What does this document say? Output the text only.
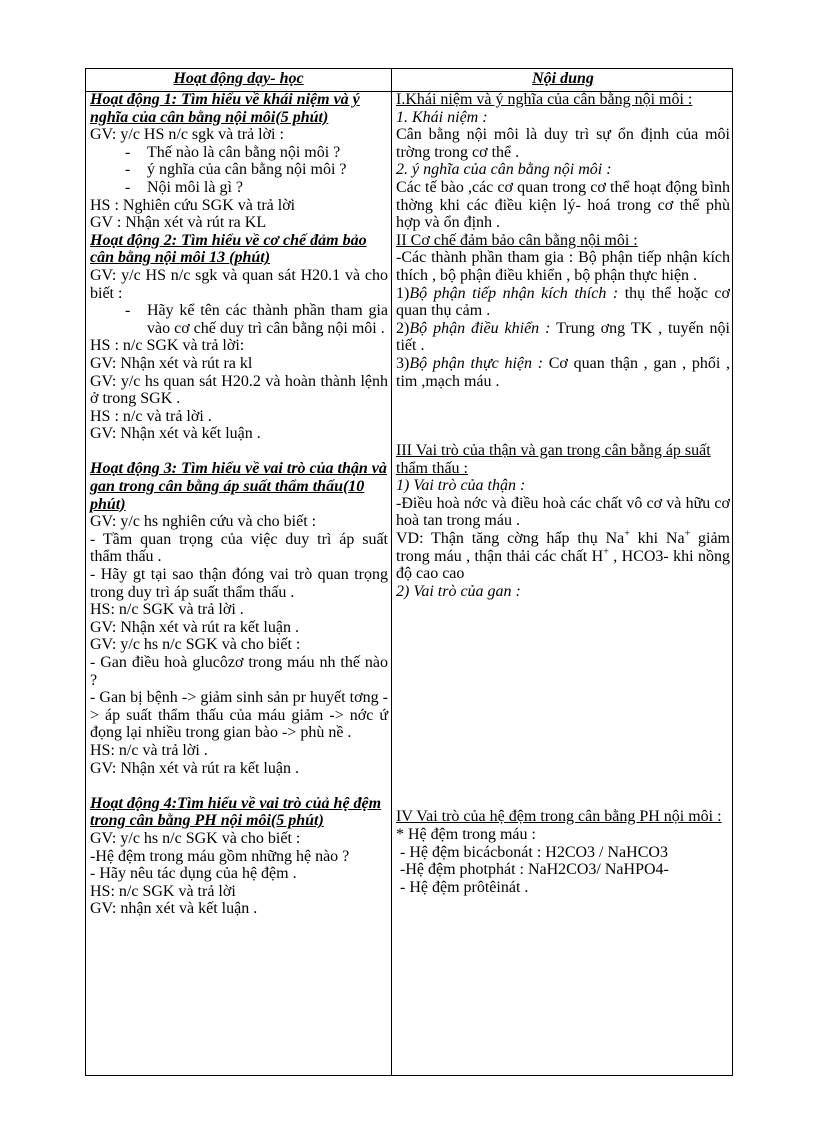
Hoạt động dạy- học	Nội dung

Hoạt động 1: Tìm hiểu về khái niệm và ý nghĩa của cân bằng nội môi(5 phút)

GV: y/c HS n/c sgk và trả lời :

- Thế nào là cân bằng nội môi ?

- ý nghĩa của cân bằng nội môi ?

- Nội môi là gì ?

HS : Nghiên cứu SGK và trả lời

GV : Nhận xét và rút ra KL

Hoạt động 2: Tìm hiểu về cơ chế đảm bảo cân bằng nội môi 13 (phút)

GV: y/c HS n/c sgk và quan sát H20.1 và cho biết :

- Hãy kể tên các thành phần tham gia vào cơ chế duy trì cân bằng nội môi .

HS : n/c SGK và trả lời:

GV: Nhận xét và rút ra kl

GV: y/c hs quan sát H20.2 và hoàn thành lệnh ở trong SGK .

HS : n/c và trả lời .

GV: Nhận xét và kết luận .

Hoạt động 3: Tìm hiểu về vai trò của thận và gan trong cân bằng áp suất thẩm thấu(10 phút)

GV: y/c hs nghiên cứu và cho biết :

- Tầm quan trọng của việc duy trì áp suất thẩm thấu .

- Hãy gt tại sao thận đóng vai trò quan trọng trong duy trì áp suất thẩm thấu .

HS: n/c SGK và trả lời .

GV: Nhận xét và rút ra kết luận .

GV: y/c hs n/c SGK và cho biết :

- Gan điều hoà glucôzơ trong máu nh thế nào ?

- Gan bị bệnh -> giảm sinh sản pr huyết tơng -> áp suất thẩm thấu của máu giảm -> nớc ứ đọng lại nhiều trong gian bào -> phù nề .

HS: n/c và trả lời .

GV: Nhận xét và rút ra kết luận .

Hoạt động 4:Tìm hiểu về vai trò củả hệ đệm trong cân bằng PH nội môi(5 phút)

GV: y/c hs n/c SGK và cho biết :

-Hệ đệm trong máu gồm những hệ nào ?

- Hãy nêu tác dụng của hệ đệm .

HS: n/c SGK và trả lời

GV: nhận xét và kết luận .

I.Khái niệm và ý nghĩa của cân bằng nội môi :

1. Khái niệm :

Cân bằng nội môi là duy trì sự ổn định của môi trờng trong cơ thể .

2. ý nghĩa của cân bằng nội môi :

Các tế bào ,các cơ quan trong cơ thể hoạt động bình thờng khi các điều kiện lý- hoá trong cơ thể phù hợp và ổn định .

II Cơ chế đảm bảo cân bằng nội môi :

-Các thành phần tham gia : Bộ phận tiếp nhận kích thích , bộ phận điều khiển , bộ phận thực hiện .

1)Bộ phận tiếp nhận kích thích : thụ thể hoặc cơ quan thụ cảm .

2)Bộ phận điều khiển : Trung ơng TK , tuyến nội tiết .

3)Bộ phận thực hiện : Cơ quan thận , gan , phổi , tim ,mạch máu .

III Vai trò của thận và gan trong cân bằng áp suất thẩm thấu :

1) Vai trò của thận :

-Điều hoà nớc và điều hoà các chất vô cơ và hữu cơ hoà tan trong máu .

VD: Thận tăng cờng hấp thụ Na+ khi Na+ giảm trong máu , thận thải các chất H+ , HCO3- khi nồng độ cao cao

2) Vai trò của gan :

IV Vai trò của hệ đệm trong cân bằng PH nội môi :

* Hệ đệm trong máu :

- Hệ đệm bicácbonát : H2CO3 / NaHCO3

-Hệ đệm photphát : NaH2CO3/ NaHPO4-

- Hệ đệm prôtêinát .
